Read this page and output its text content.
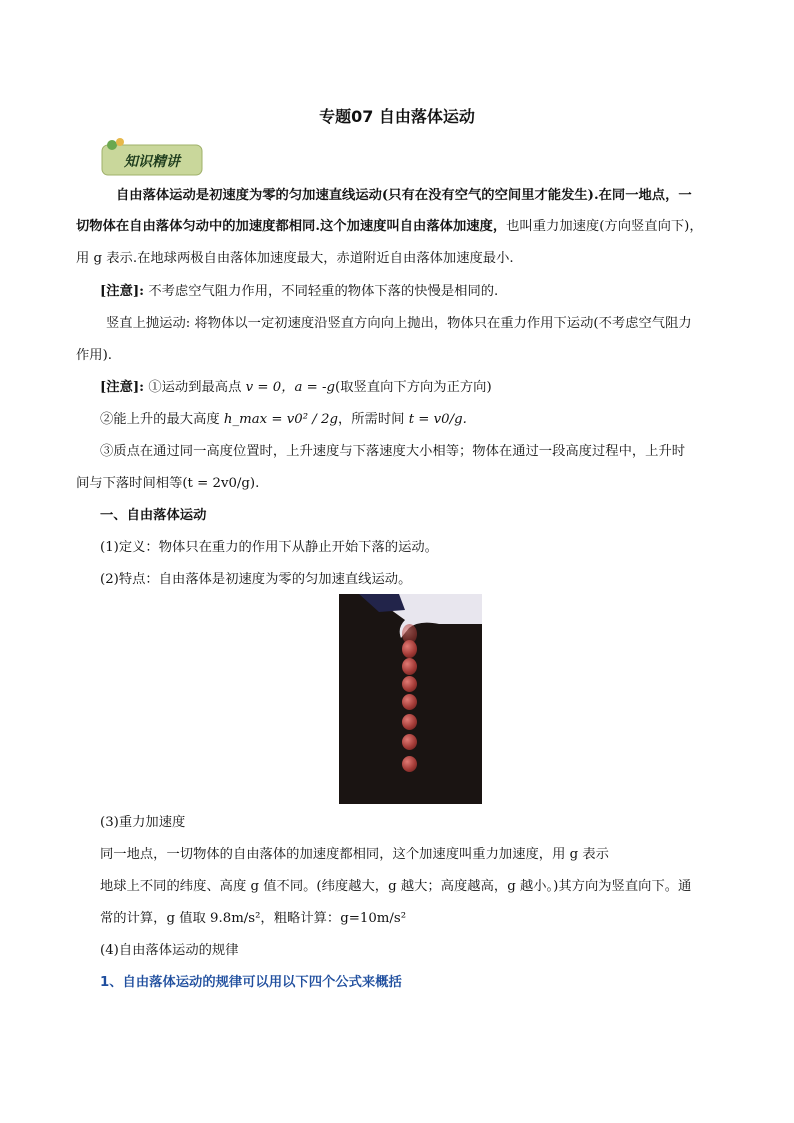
专题07 自由落体运动
知识精讲
自由落体运动是初速度为零的匀加速直线运动(只有在没有空气的空间里才能发生).在同一地点，一
切物体在自由落体匀动中的加速度都相同.这个加速度叫自由落体加速度，也叫重力加速度(方向竖直向下)，
用 g 表示.在地球两极自由落体加速度最大，赤道附近自由落体加速度最小.
[注意]: 不考虑空气阻力作用，不同轻重的物体下落的快慢是相同的.
竖直上抛运动: 将物体以一定初速度沿竖直方向向上抛出，物体只在重力作用下运动(不考虑空气阻力
作用).
[注意]: ①运动到最高点 v = 0，a = -g(取竖直向下方向为正方向)
②能上升的最大高度 h_max = v0² / 2g，所需时间 t = v0/g.
③质点在通过同一高度位置时，上升速度与下落速度大小相等；物体在通过一段高度过程中，上升时
间与下落时间相等(t = 2v0/g).
一、自由落体运动
(1)定义：物体只在重力的作用下从静止开始下落的运动。
(2)特点：自由落体是初速度为零的匀加速直线运动。
(3)重力加速度
同一地点，一切物体的自由落体的加速度都相同，这个加速度叫重力加速度，用 g 表示
地球上不同的纬度、高度 g 值不同。(纬度越大，g 越大；高度越高，g 越小。)其方向为竖直向下。通
常的计算，g 值取 9.8m/s²，粗略计算：g=10m/s²
(4)自由落体运动的规律
1、自由落体运动的规律可以用以下四个公式来概括
